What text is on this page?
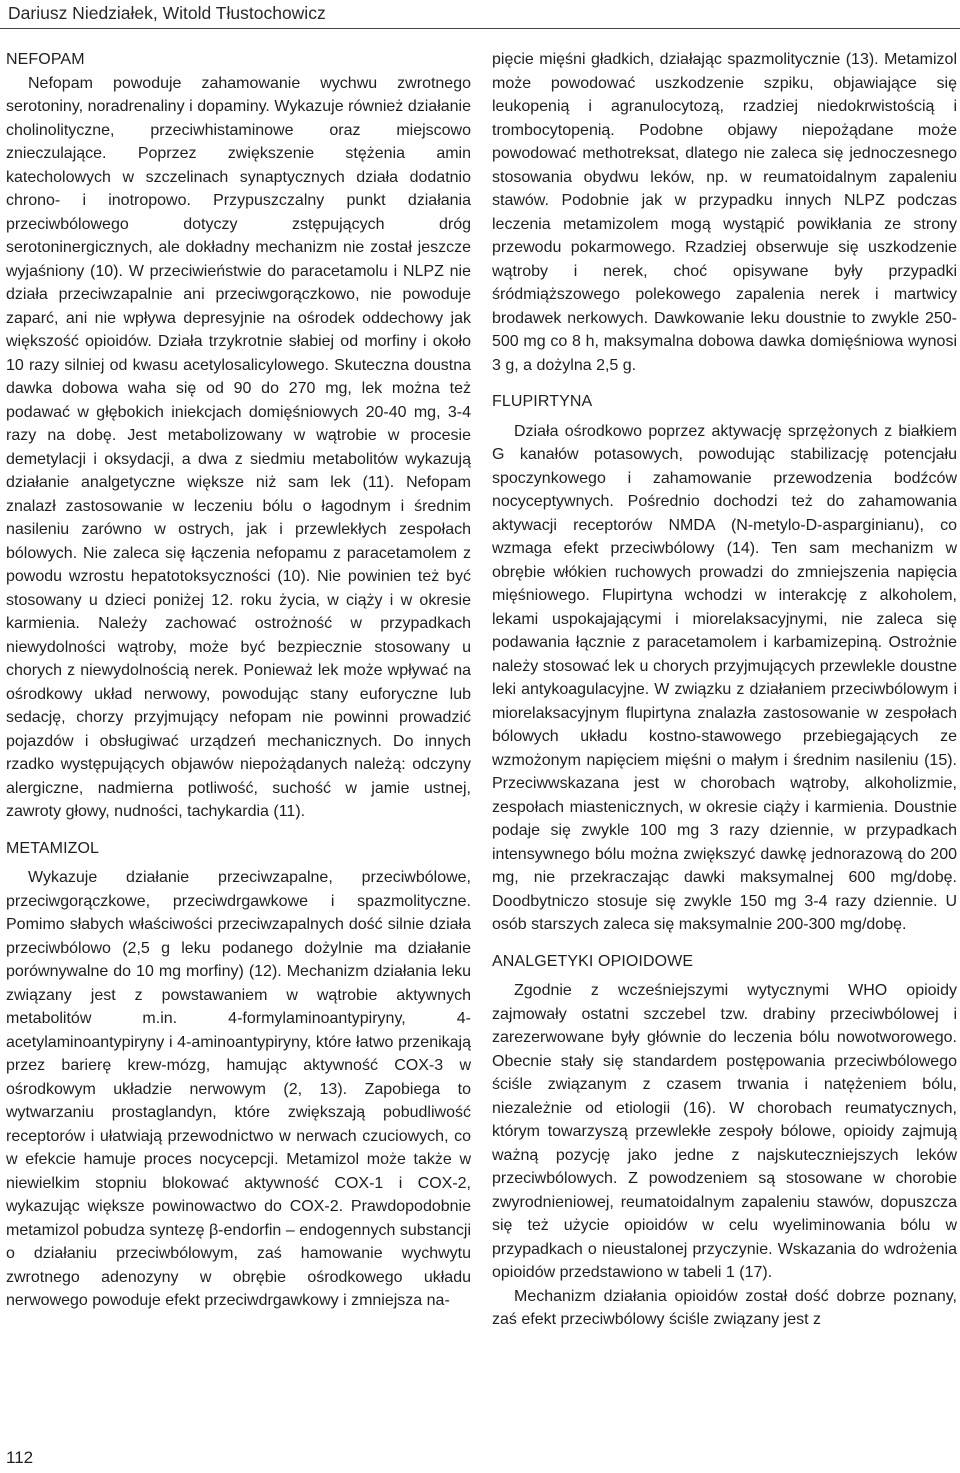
Dariusz Niedziałek, Witold Tłustochowicz
NEFOPAM

Nefopam powoduje zahamowanie wychwu zwrotnego serotoniny, noradrenaliny i dopaminy. Wykazuje również działanie cholinolityczne, przeciwhistaminowe oraz miejscowo znieczulające. Poprzez zwiększenie stężenia amin katecholowych w szczelinach synaptycznych działa dodatnio chrono- i inotropowo. Przypuszczalny punkt działania przeciwbólowego dotyczy zstępujących dróg serotoninergicznych, ale dokładny mechanizm nie został jeszcze wyjaśniony (10). W przeciwieństwie do paracetamolu i NLPZ nie działa przeciwzapalnie ani przeciwgorączkowo, nie powoduje zaparć, ani nie wpływa depresyjnie na ośrodek oddechowy jak większość opioidów. Działa trzykrotnie słabiej od morfiny i około 10 razy silniej od kwasu acetylosalicylowego. Skuteczna doustna dawka dobowa waha się od 90 do 270 mg, lek można też podawać w głębokich iniekcjach domięśniowych 20-40 mg, 3-4 razy na dobę. Jest metabolizowany w wątrobie w procesie demetylacji i oksydacji, a dwa z siedmiu metabolitów wykazują działanie analgetyczne większe niż sam lek (11). Nefopam znalazł zastosowanie w leczeniu bólu o łagodnym i średnim nasileniu zarówno w ostrych, jak i przewlekłych zespołach bólowych. Nie zaleca się łączenia nefopamu z paracetamolem z powodu wzrostu hepatotoksyczności (10). Nie powinien też być stosowany u dzieci poniżej 12. roku życia, w ciąży i w okresie karmienia. Należy zachować ostrożność w przypadkach niewydolności wątroby, może być bezpiecznie stosowany u chorych z niewydolnością nerek. Ponieważ lek może wpływać na ośrodkowy układ nerwowy, powodując stany euforyczne lub sedację, chorzy przyjmujący nefopam nie powinni prowadzić pojazdów i obsługiwać urządzeń mechanicznych. Do innych rzadko występujących objawów niepożądanych należą: odczyny alergiczne, nadmierna potliwość, suchość w jamie ustnej, zawroty głowy, nudności, tachykardia (11).

METAMIZOL

Wykazuje działanie przeciwzapalne, przeciwbólowe, przeciwgorączkowe, przeciwdrgawkowe i spazmolityczne. Pomimo słabych właściwości przeciwzapalnych dość silnie działa przeciwbólowo (2,5 g leku podanego dożylnie ma działanie porównywalne do 10 mg morfiny) (12). Mechanizm działania leku związany jest z powstawaniem w wątrobie aktywnych metabolitów m.in. 4-formylaminoantypiryny, 4-acetylaminoantypiryny i 4-aminoantypiryny, które łatwo przenikają przez barierę krew-mózg, hamując aktywność COX-3 w ośrodkowym układzie nerwowym (2, 13). Zapobiega to wytwarzaniu prostaglandyn, które zwiększają pobudliwość receptorów i ułatwiają przewodnictwo w nerwach czuciowych, co w efekcie hamuje proces nocycepcji. Metamizol może także w niewielkim stopniu blokować aktywność COX-1 i COX-2, wykazując większe powinowactwo do COX-2. Prawdopodobnie metamizol pobudza syntezę β-endorfin – endogennych substancji o działaniu przeciwbólowym, zaś hamowanie wychwytu zwrotnego adenozyny w obrębie ośrodkowego układu nerwowego powoduje efekt przeciwdrgawkowy i zmniejsza na-

pięcie mięśni gładkich, działając spazmolitycznie (13). Metamizol może powodować uszkodzenie szpiku, objawiające się leukopenią i agranulocytozą, rzadziej niedokrwistością i trombocytopenią. Podobne objawy niepożądane może powodować methotreksat, dlatego nie zaleca się jednoczesnego stosowania obydwu leków, np. w reumatoidalnym zapaleniu stawów. Podobnie jak w przypadku innych NLPZ podczas leczenia metamizolem mogą wystąpić powikłania ze strony przewodu pokarmowego. Rzadziej obserwuje się uszkodzenie wątroby i nerek, choć opisywane były przypadki śródmiąższowego polekowego zapalenia nerek i martwicy brodawek nerkowych. Dawkowanie leku doustnie to zwykle 250-500 mg co 8 h, maksymalna dobowa dawka domięśniowa wynosi 3 g, a dożylna 2,5 g.

FLUPIRTYNA

Działa ośrodkowo poprzez aktywację sprzężonych z białkiem G kanałów potasowych, powodując stabilizację potencjału spoczynkowego i zahamowanie przewodzenia bodźców nocyceptywnych. Pośrednio dochodzi też do zahamowania aktywacji receptorów NMDA (N-metylo-D-asparginianu), co wzmaga efekt przeciwbólowy (14). Ten sam mechanizm w obrębie włókien ruchowych prowadzi do zmniejszenia napięcia mięśniowego. Flupirtyna wchodzi w interakcję z alkoholem, lekami uspokajającymi i miorelaksacyjnymi, nie zaleca się podawania łącznie z paracetamolem i karbamizepiną. Ostrożnie należy stosować lek u chorych przyjmujących przewlekle doustne leki antykoagulacyjne. W związku z działaniem przeciwbólowym i miorelaksacyjnym flupirtyna znalazła zastosowanie w zespołach bólowych układu kostno-stawowego przebiegających ze wzmożonym napięciem mięśni o małym i średnim nasileniu (15). Przeciwwskazana jest w chorobach wątroby, alkoholizmie, zespołach miastenicznych, w okresie ciąży i karmienia. Doustnie podaje się zwykle 100 mg 3 razy dziennie, w przypadkach intensywnego bólu można zwiększyć dawkę jednorazową do 200 mg, nie przekraczając dawki maksymalnej 600 mg/dobę. Doodbytniczo stosuje się zwykle 150 mg 3-4 razy dziennie. U osób starszych zaleca się maksymalnie 200-300 mg/dobę.

ANALGETYKI OPIOIDOWE

Zgodnie z wcześniejszymi wytycznymi WHO opioidy zajmowały ostatni szczebel tzw. drabiny przeciwbólowej i zarezerwowane były głównie do leczenia bólu nowotworowego. Obecnie stały się standardem postępowania przeciwbólowego ściśle związanym z czasem trwania i natężeniem bólu, niezależnie od etiologii (16). W chorobach reumatycznych, którym towarzyszą przewlekłe zespoły bólowe, opioidy zajmują ważną pozycję jako jedne z najskuteczniejszych leków przeciwbólowych. Z powodzeniem są stosowane w chorobie zwyrodnieniowej, reumatoidalnym zapaleniu stawów, dopuszcza się też użycie opioidów w celu wyeliminowania bólu w przypadkach o nieustalonej przyczynie. Wskazania do wdrożenia opioidów przedstawiono w tabeli 1 (17).

Mechanizm działania opioidów został dość dobrze poznany, zaś efekt przeciwbólowy ściśle związany jest z

112
